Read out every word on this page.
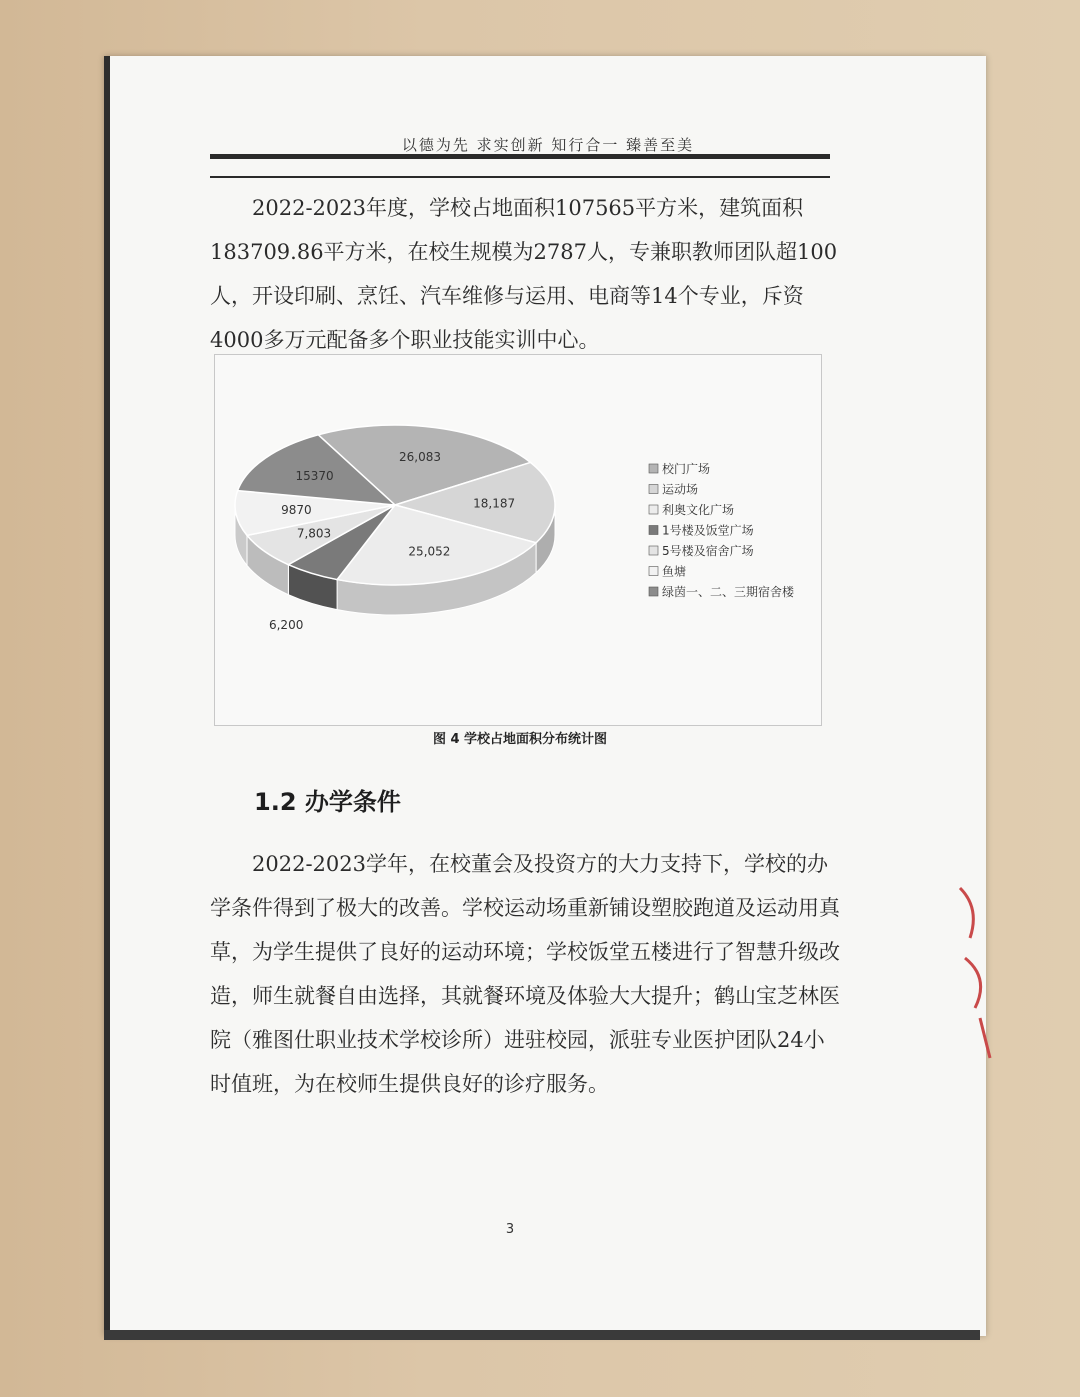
以德为先 求实创新 知行合一 臻善至美

2022-2023年度，学校占地面积107565平方米，建筑面积183709.86平方米，在校生规模为2787人，专兼职教师团队超100人，开设印刷、烹饪、汽车维修与运用、电商等14个专业，斥资4000多万元配备多个职业技能实训中心。

26,083
18,187
25,052
6,200
7,803
9870
15370	校门广场
运动场
利奥文化广场
1号楼及饭堂广场
5号楼及宿舍广场
鱼塘
绿茵一、二、三期宿舍楼
图 4 学校占地面积分布统计图
1.2 办学条件

2022-2023学年，在校董会及投资方的大力支持下，学校的办学条件得到了极大的改善。学校运动场重新铺设塑胶跑道及运动用真草，为学生提供了良好的运动环境；学校饭堂五楼进行了智慧升级改造，师生就餐自由选择，其就餐环境及体验大大提升；鹤山宝芝林医院（雅图仕职业技术学校诊所）进驻校园，派驻专业医护团队24小时值班，为在校师生提供良好的诊疗服务。

3
